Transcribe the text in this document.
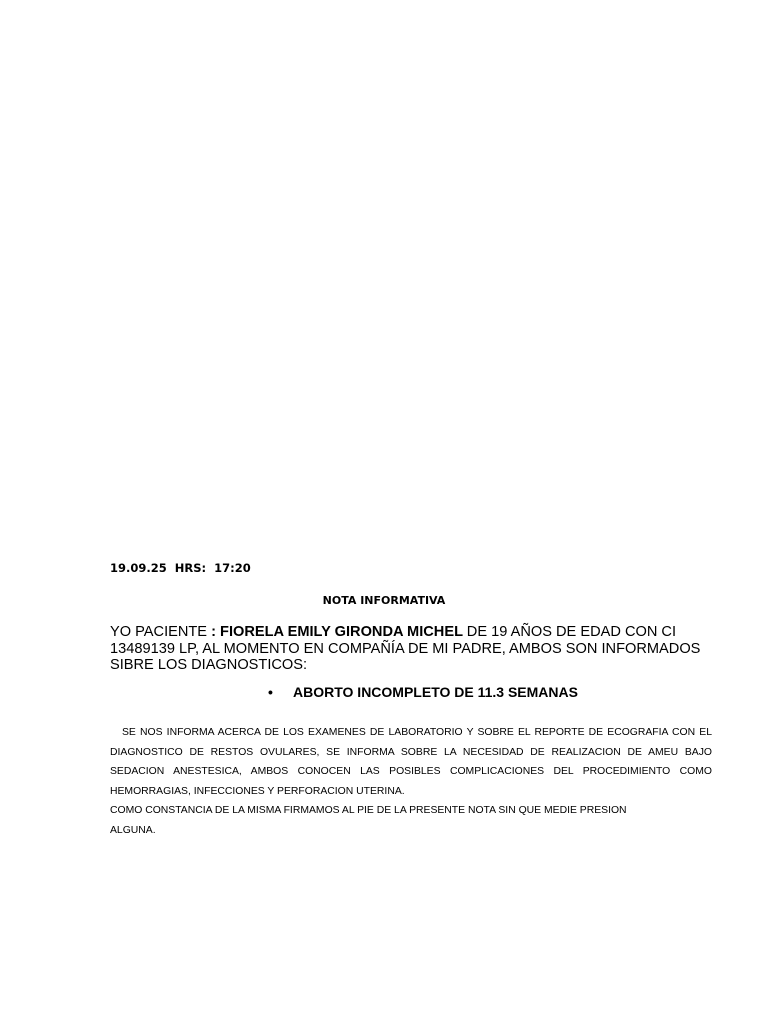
19.09.25  HRS:  17:20
NOTA INFORMATIVA
YO PACIENTE : FIORELA EMILY GIRONDA MICHEL DE 19 AÑOS DE EDAD CON CI 13489139 LP, AL MOMENTO EN COMPAÑÍA DE MI PADRE, AMBOS SON INFORMADOS SIBRE LOS DIAGNOSTICOS:
• ABORTO INCOMPLETO DE 11.3 SEMANAS

SE NOS INFORMA ACERCA DE LOS EXAMENES DE LABORATORIO Y SOBRE EL REPORTE DE ECOGRAFIA CON EL DIAGNOSTICO DE RESTOS OVULARES, SE INFORMA SOBRE LA NECESIDAD DE REALIZACION DE AMEU BAJO SEDACION ANESTESICA, AMBOS CONOCEN LAS POSIBLES COMPLICACIONES DEL PROCEDIMIENTO COMO HEMORRAGIAS, INFECCIONES Y PERFORACION UTERINA.

COMO CONSTANCIA DE LA MISMA FIRMAMOS AL PIE DE LA PRESENTE NOTA SIN QUE MEDIE PRESION ALGUNA.
